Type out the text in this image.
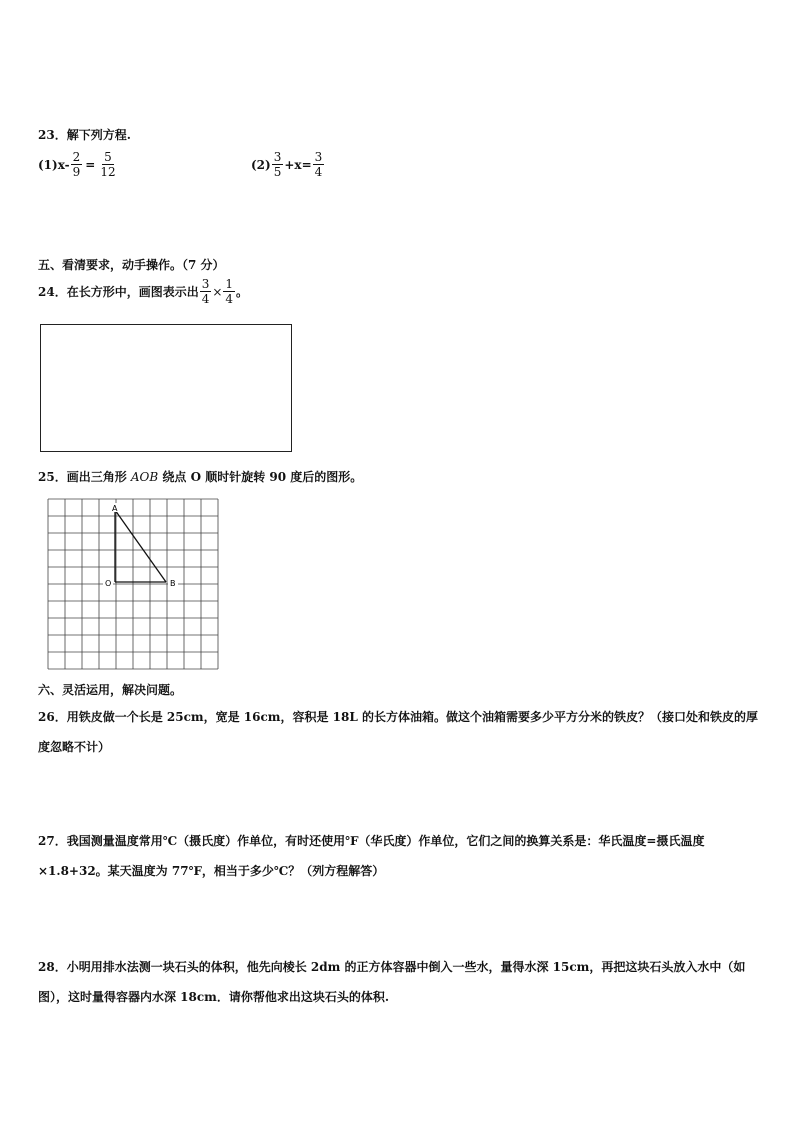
23．解下列方程.
$(1)x- \frac{2}{9} = \frac{5}{12}$	$(2) \frac{3}{5} +x= \frac{3}{4}$
五、看清要求，动手操作。（7 分）
24．在长方形中，画图表示出 $\frac{3}{4} \times \frac{1}{4}$ 。
25．画出三角形 AOB 绕点 O 顺时针旋转 90 度后的图形。
A
O	B
六、灵活运用，解决问题。
26．用铁皮做一个长是 25cm，宽是 16cm，容积是 18L 的长方体油箱。做这个油箱需要多少平方分米的铁皮？（接口处和铁皮的厚度忽略不计）
27．我国测量温度常用℃（摄氏度）作单位，有时还使用℉（华氏度）作单位，它们之间的换算关系是：华氏温度=摄氏温度×1.8+32。某天温度为 77℉，相当于多少℃？（列方程解答）
28．小明用排水法测一块石头的体积，他先向棱长 2dm 的正方体容器中倒入一些水，量得水深 15cm，再把这块石头放入水中（如图），这时量得容器内水深 18cm．请你帮他求出这块石头的体积.
